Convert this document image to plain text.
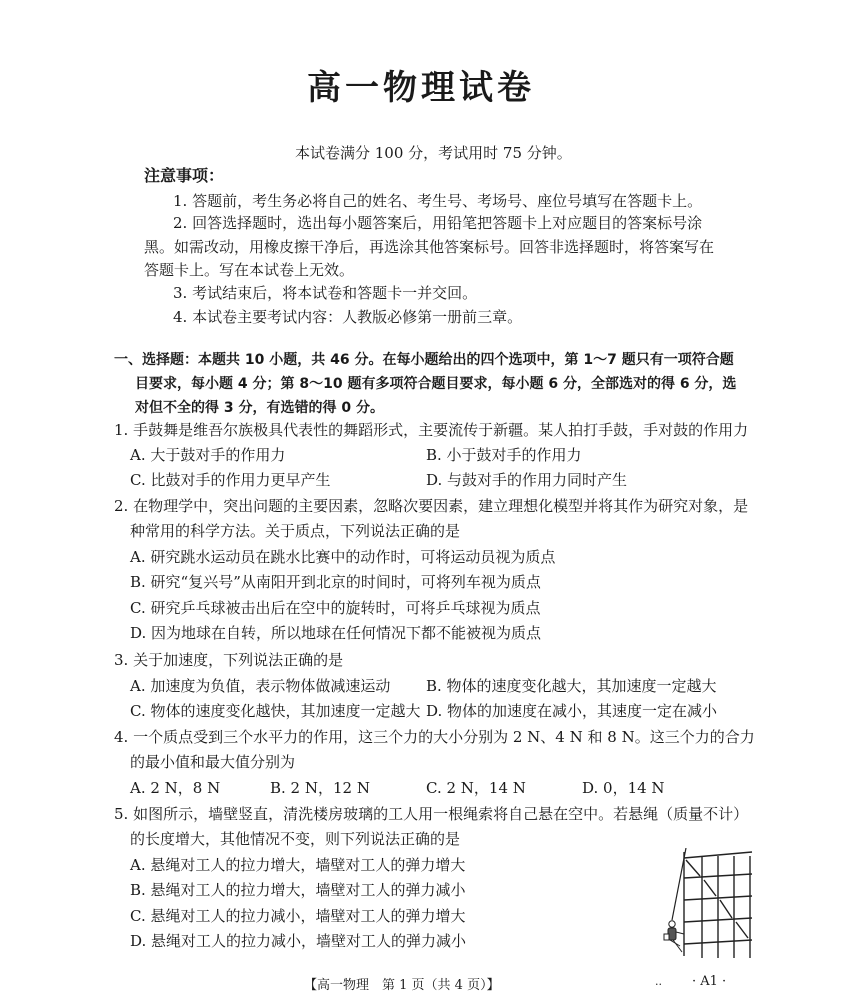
高一物理试卷
本试卷满分 100 分，考试用时 75 分钟。
注意事项：
1. 答题前，考生务必将自己的姓名、考生号、考场号、座位号填写在答题卡上。
2. 回答选择题时，选出每小题答案后，用铅笔把答题卡上对应题目的答案标号涂
黑。如需改动，用橡皮擦干净后，再选涂其他答案标号。回答非选择题时，将答案写在
答题卡上。写在本试卷上无效。
3. 考试结束后，将本试卷和答题卡一并交回。
4. 本试卷主要考试内容：人教版必修第一册前三章。
一、选择题：本题共 10 小题，共 46 分。在每小题给出的四个选项中，第 1～7 题只有一项符合题
目要求，每小题 4 分；第 8～10 题有多项符合题目要求，每小题 6 分，全部选对的得 6 分，选
对但不全的得 3 分，有选错的得 0 分。
1. 手鼓舞是维吾尔族极具代表性的舞蹈形式，主要流传于新疆。某人拍打手鼓，手对鼓的作用力
A. 大于鼓对手的作用力	B. 小于鼓对手的作用力
C. 比鼓对手的作用力更早产生	D. 与鼓对手的作用力同时产生
2. 在物理学中，突出问题的主要因素，忽略次要因素，建立理想化模型并将其作为研究对象，是
种常用的科学方法。关于质点，下列说法正确的是
A. 研究跳水运动员在跳水比赛中的动作时，可将运动员视为质点
B. 研究“复兴号”从南阳开到北京的时间时，可将列车视为质点
C. 研究乒乓球被击出后在空中的旋转时，可将乒乓球视为质点
D. 因为地球在自转，所以地球在任何情况下都不能被视为质点
3. 关于加速度，下列说法正确的是
A. 加速度为负值，表示物体做减速运动 B. 物体的速度变化越大，其加速度一定越大
C. 物体的速度变化越快，其加速度一定越大 D. 物体的加速度在减小，其速度一定在减小
4. 一个质点受到三个水平力的作用，这三个力的大小分别为 2 N、4 N 和 8 N。这三个力的合力
的最小值和最大值分别为
A. 2 N，8 N	B. 2 N，12 N	C. 2 N，14 N	D. 0，14 N
5. 如图所示，墙壁竖直，清洗楼房玻璃的工人用一根绳索将自己悬在空中。若悬绳（质量不计）
的长度增大，其他情况不变，则下列说法正确的是
A. 悬绳对工人的拉力增大，墙壁对工人的弹力增大
B. 悬绳对工人的拉力增大，墙壁对工人的弹力减小
C. 悬绳对工人的拉力减小，墙壁对工人的弹力增大
D. 悬绳对工人的拉力减小，墙壁对工人的弹力减小
【高一物理　第 1 页（共 4 页）】	.. · A1 ·
